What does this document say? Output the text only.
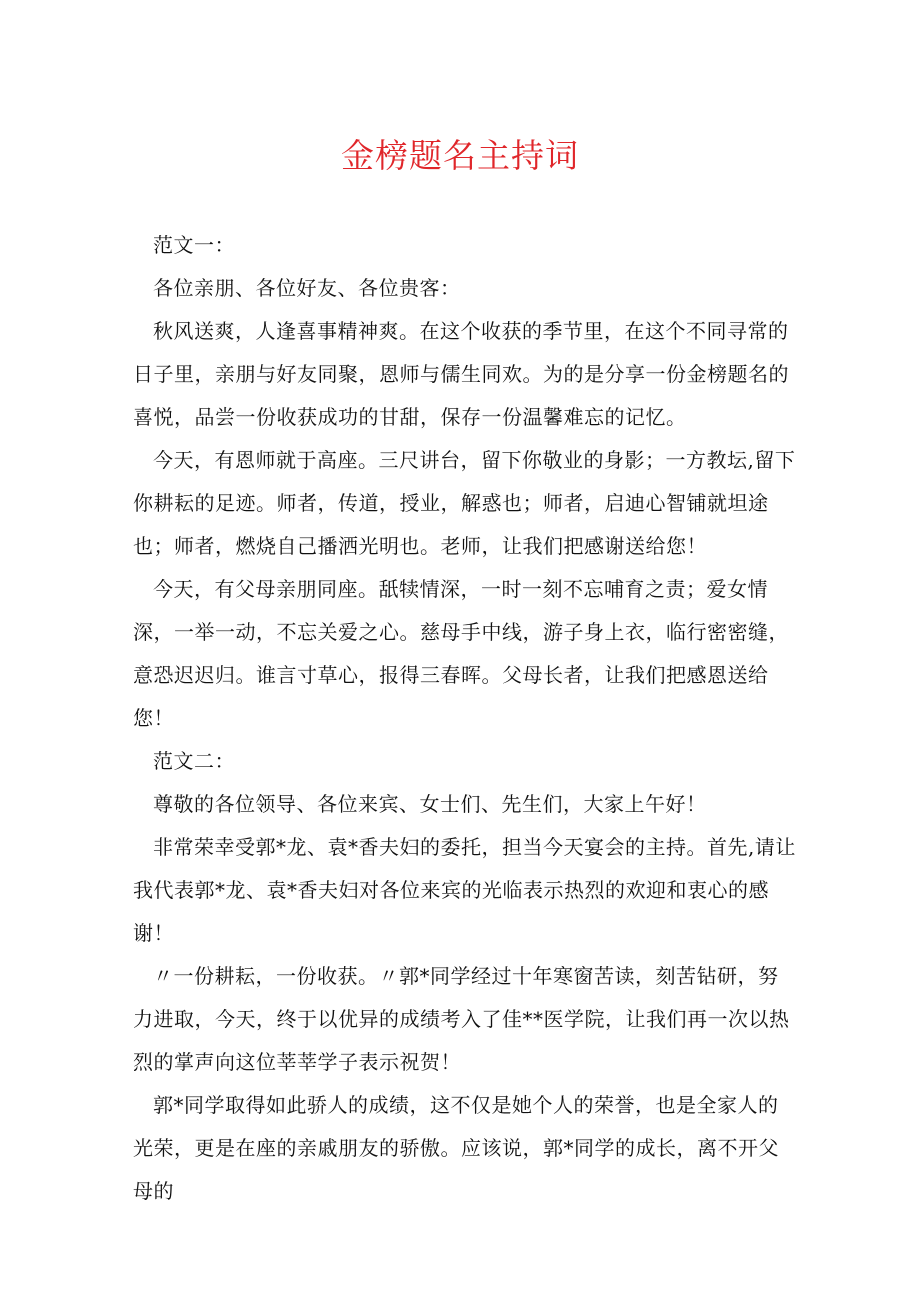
金榜题名主持词

范文一：

各位亲朋、各位好友、各位贵客：

秋风送爽，人逢喜事精神爽。在这个收获的季节里，在这个不同寻常的日子里，亲朋与好友同聚，恩师与儒生同欢。为的是分享一份金榜题名的喜悦，品尝一份收获成功的甘甜，保存一份温馨难忘的记忆。

今天，有恩师就于高座。三尺讲台，留下你敬业的身影；一方教坛,留下你耕耘的足迹。师者，传道，授业，解惑也；师者，启迪心智铺就坦途也；师者，燃烧自己播洒光明也。老师，让我们把感谢送给您！

今天，有父母亲朋同座。舐犊情深，一时一刻不忘哺育之责；爱女情深，一举一动，不忘关爱之心。慈母手中线，游子身上衣，临行密密缝，意恐迟迟归。谁言寸草心，报得三春晖。父母长者，让我们把感恩送给您！

范文二：

尊敬的各位领导、各位来宾、女士们、先生们，大家上午好！

非常荣幸受郭*龙、袁*香夫妇的委托，担当今天宴会的主持。首先,请让我代表郭*龙、袁*香夫妇对各位来宾的光临表示热烈的欢迎和衷心的感谢！

〃一份耕耘，一份收获。〃郭*同学经过十年寒窗苦读，刻苦钻研，努力进取，今天，终于以优异的成绩考入了佳**医学院，让我们再一次以热烈的掌声向这位莘莘学子表示祝贺！

郭*同学取得如此骄人的成绩，这不仅是她个人的荣誉，也是全家人的光荣，更是在座的亲戚朋友的骄傲。应该说，郭*同学的成长，离不开父母的
